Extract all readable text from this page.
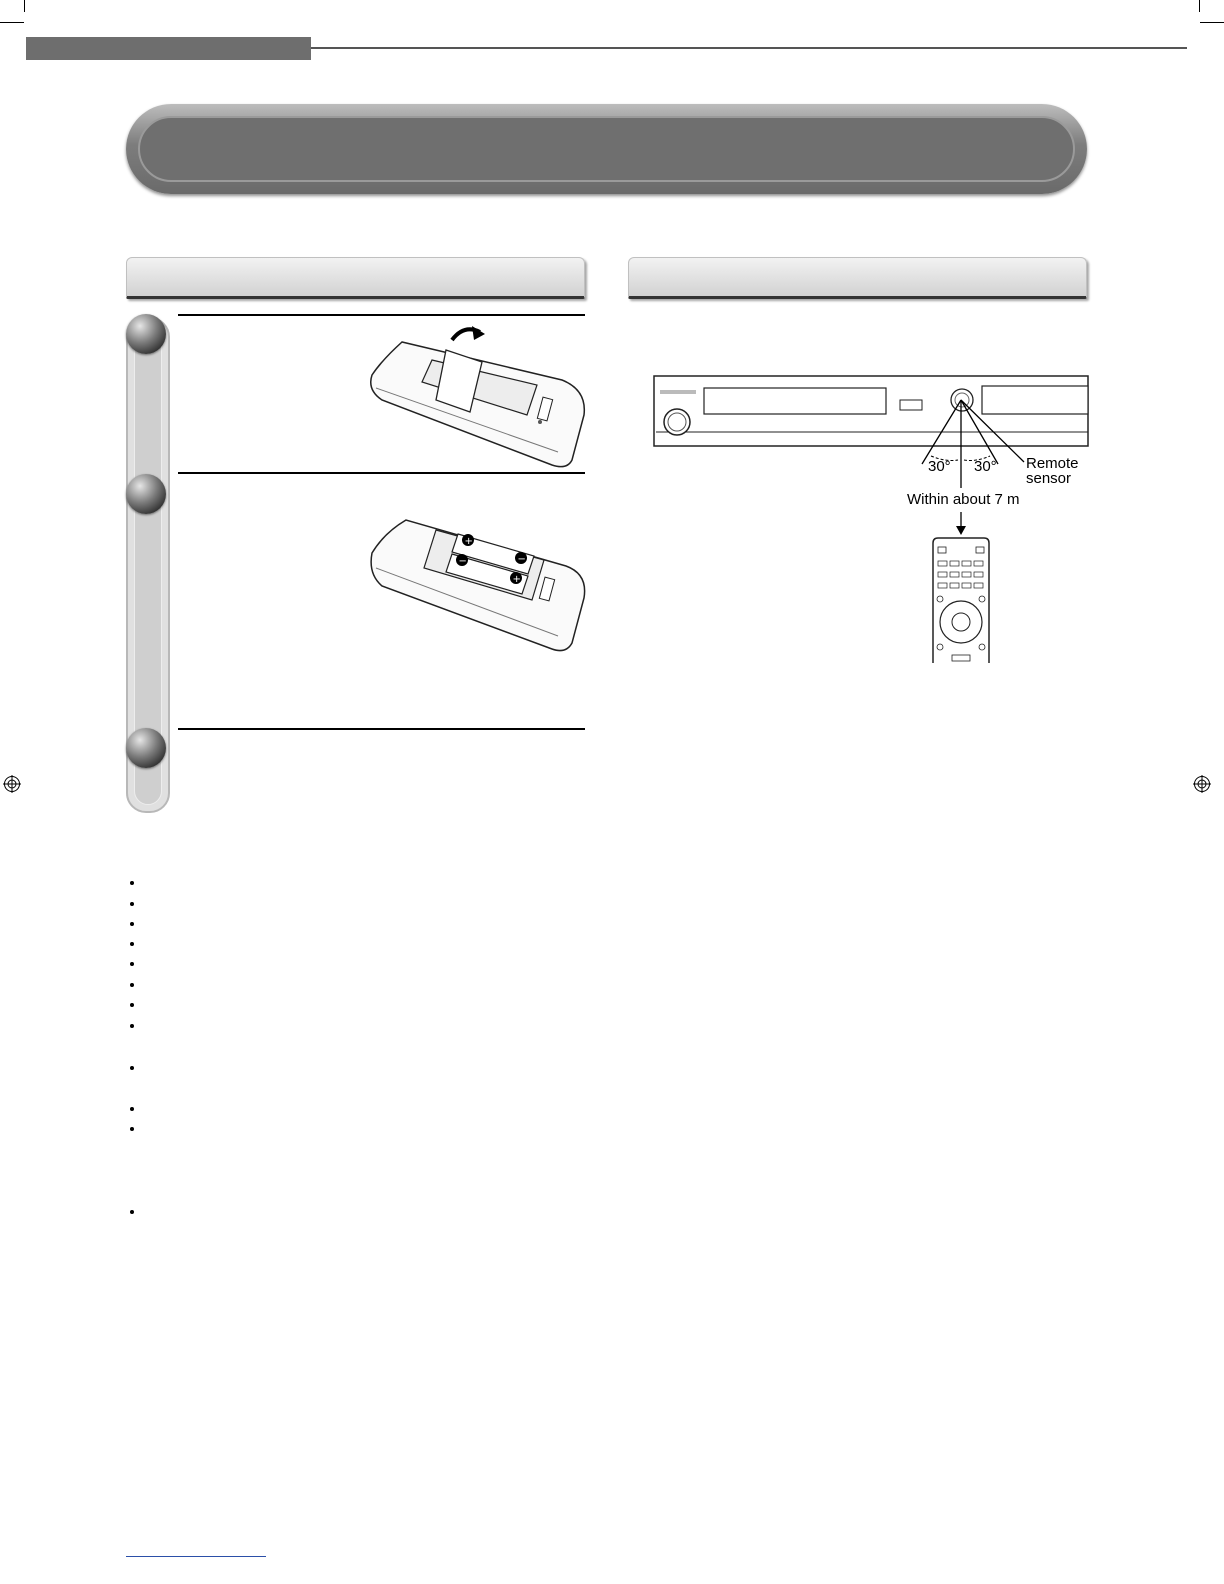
+
−
−
+
30° 30° Remote
sensor
Within about 7 m
